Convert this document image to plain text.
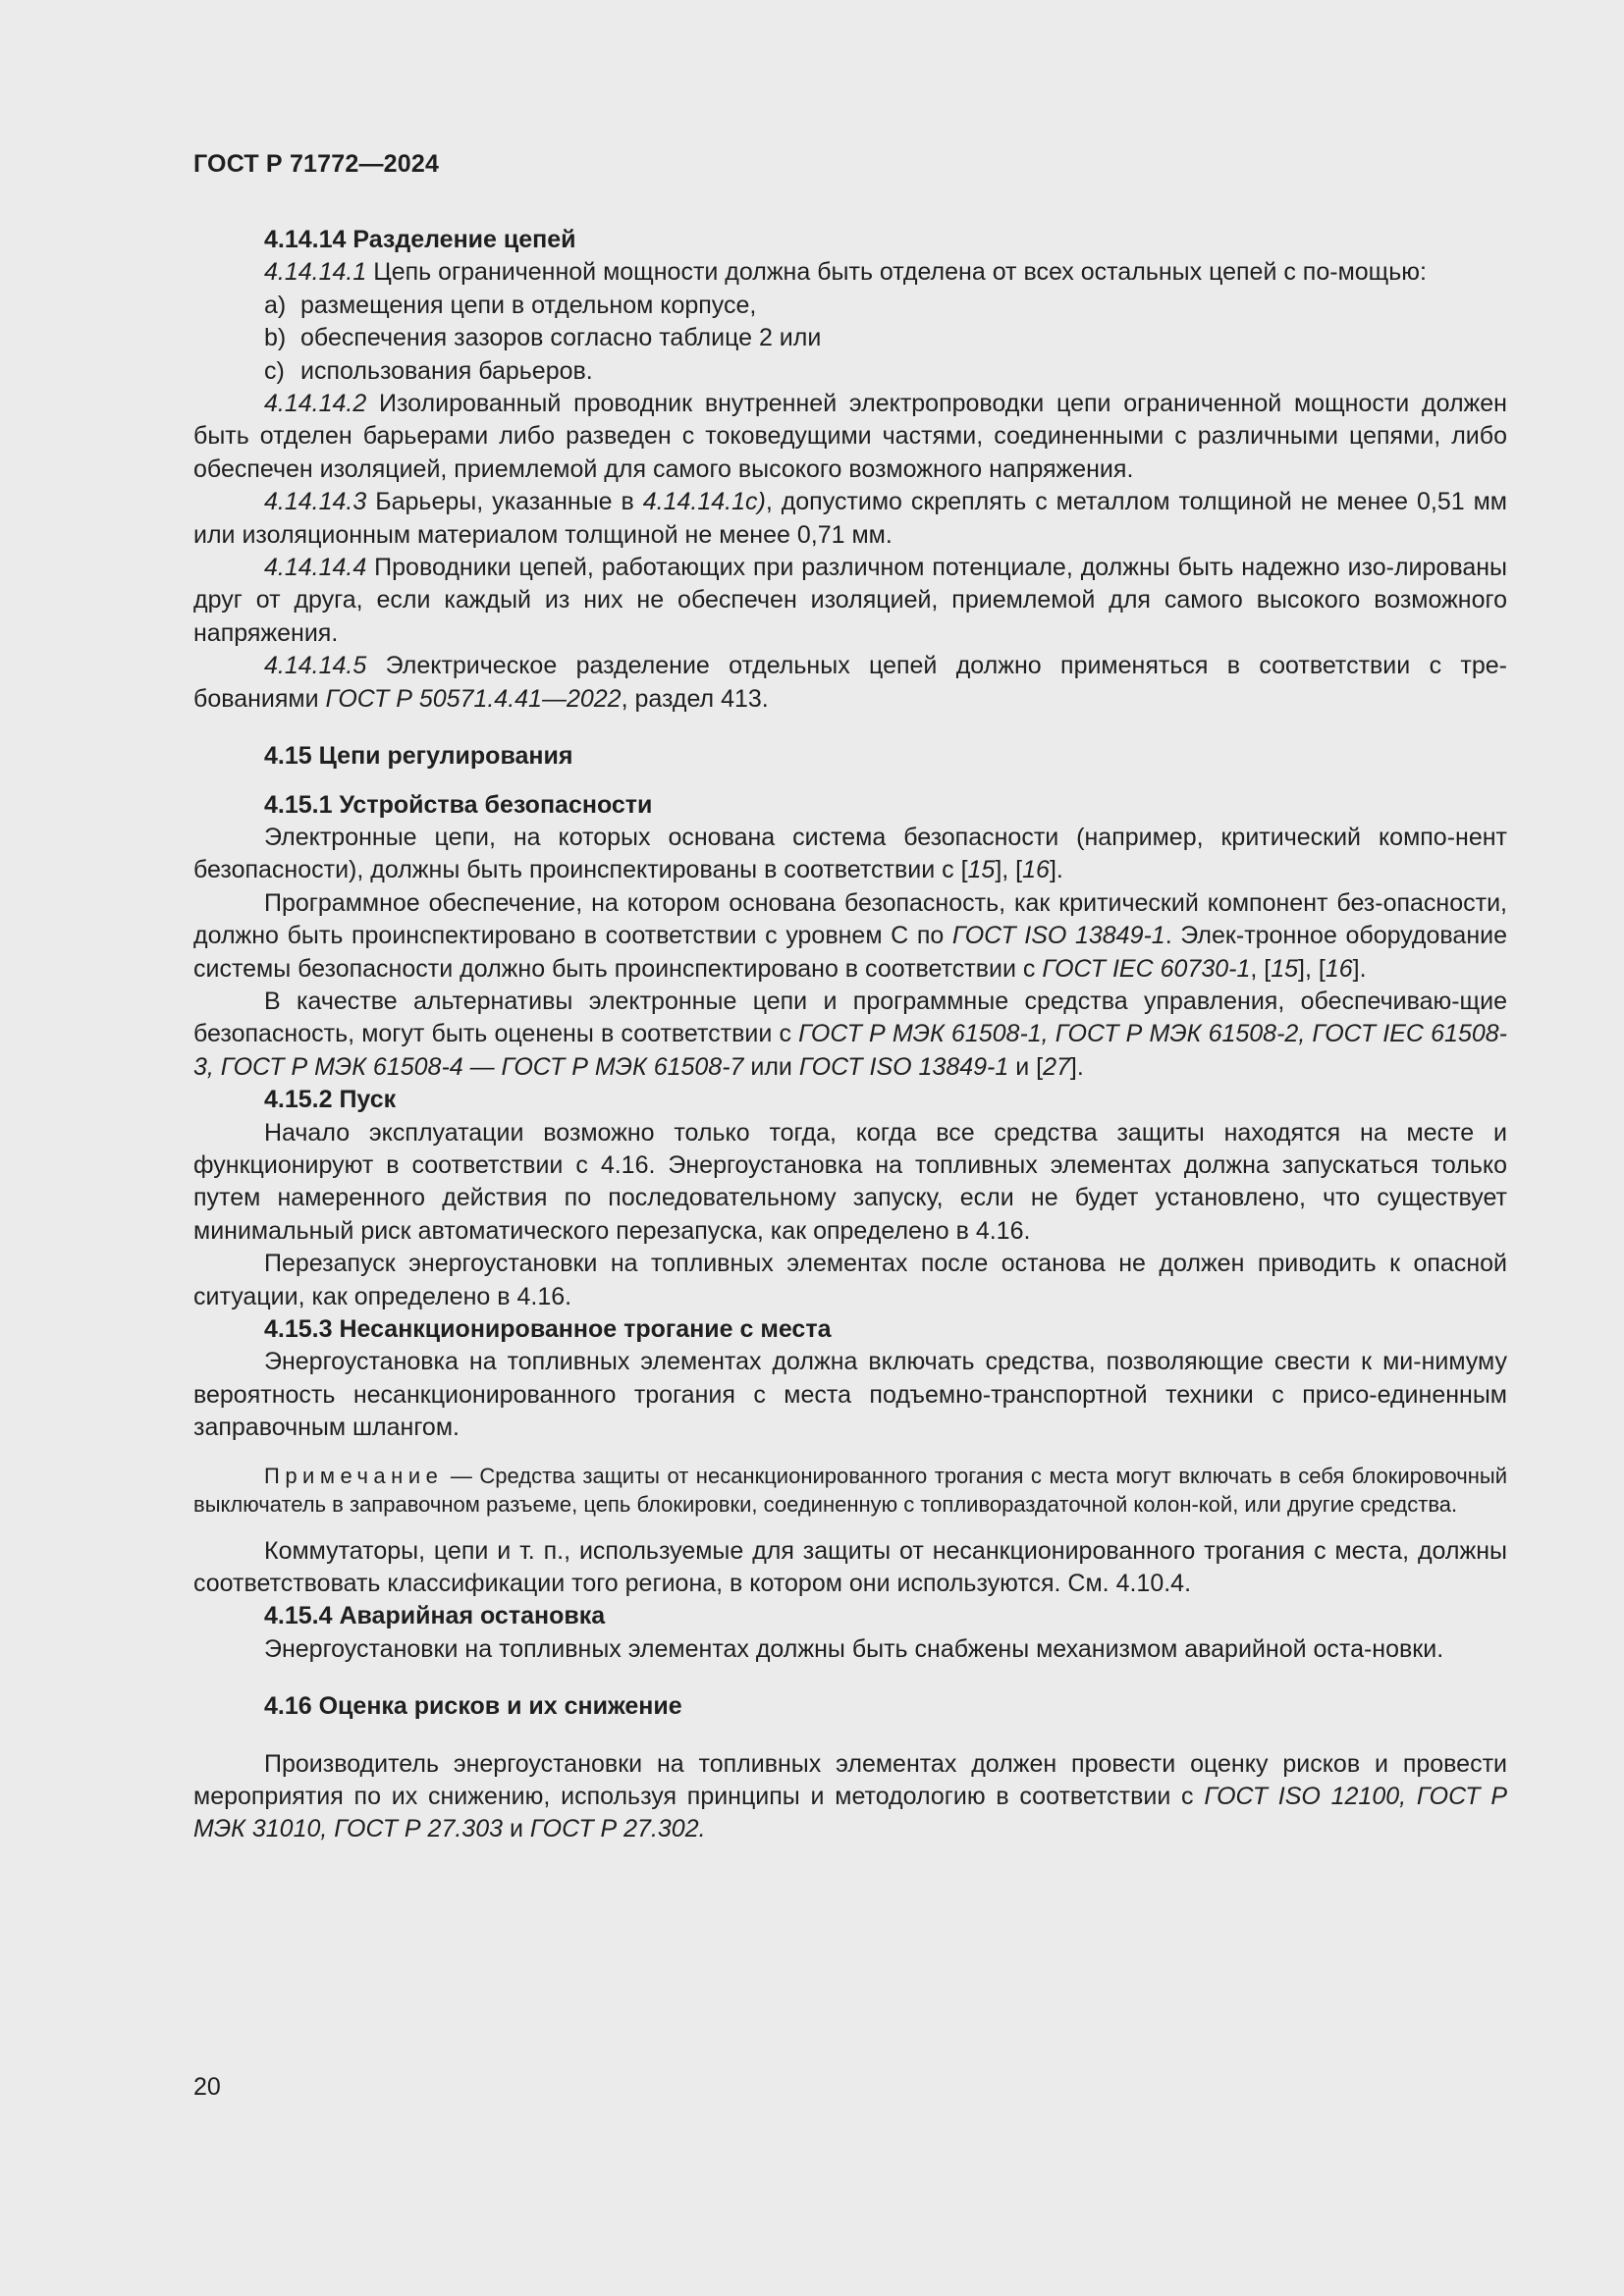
ГОСТ Р 71772—2024

4.14.14 Разделение цепей

4.14.14.1 Цепь ограниченной мощности должна быть отделена от всех остальных цепей с по-мощью:

a) размещения цепи в отдельном корпусе,

b) обеспечения зазоров согласно таблице 2 или

c) использования барьеров.

4.14.14.2 Изолированный проводник внутренней электропроводки цепи ограниченной мощности должен быть отделен барьерами либо разведен с токоведущими частями, соединенными с различными цепями, либо обеспечен изоляцией, приемлемой для самого высокого возможного напряжения.

4.14.14.3 Барьеры, указанные в 4.14.14.1c), допустимо скреплять с металлом толщиной не менее 0,51 мм или изоляционным материалом толщиной не менее 0,71 мм.

4.14.14.4 Проводники цепей, работающих при различном потенциале, должны быть надежно изо-лированы друг от друга, если каждый из них не обеспечен изоляцией, приемлемой для самого высокого возможного напряжения.

4.14.14.5 Электрическое разделение отдельных цепей должно применяться в соответствии с тре-бованиями ГОСТ Р 50571.4.41—2022, раздел 413.

4.15 Цепи регулирования

4.15.1 Устройства безопасности

Электронные цепи, на которых основана система безопасности (например, критический компо-нент безопасности), должны быть проинспектированы в соответствии с [15], [16].

Программное обеспечение, на котором основана безопасность, как критический компонент без-опасности, должно быть проинспектировано в соответствии с уровнем С по ГОСТ ISO 13849-1. Элек-тронное оборудование системы безопасности должно быть проинспектировано в соответствии с ГОСТ IEC 60730-1, [15], [16].

В качестве альтернативы электронные цепи и программные средства управления, обеспечиваю-щие безопасность, могут быть оценены в соответствии с ГОСТ Р МЭК 61508-1, ГОСТ Р МЭК 61508-2, ГОСТ IEC 61508-3, ГОСТ Р МЭК 61508-4 — ГОСТ Р МЭК 61508-7 или ГОСТ ISO 13849-1 и [27].

4.15.2 Пуск

Начало эксплуатации возможно только тогда, когда все средства защиты находятся на месте и функционируют в соответствии с 4.16. Энергоустановка на топливных элементах должна запускаться только путем намеренного действия по последовательному запуску, если не будет установлено, что существует минимальный риск автоматического перезапуска, как определено в 4.16.

Перезапуск энергоустановки на топливных элементах после останова не должен приводить к опасной ситуации, как определено в 4.16.

4.15.3 Несанкционированное трогание с места

Энергоустановка на топливных элементах должна включать средства, позволяющие свести к ми-нимуму вероятность несанкционированного трогания с места подъемно-транспортной техники с присо-единенным заправочным шлангом.

Примечание — Средства защиты от несанкционированного трогания с места могут включать в себя блокировочный выключатель в заправочном разъеме, цепь блокировки, соединенную с топливораздаточной колон-кой, или другие средства.

Коммутаторы, цепи и т. п., используемые для защиты от несанкционированного трогания с места, должны соответствовать классификации того региона, в котором они используются. См. 4.10.4.

4.15.4 Аварийная остановка

Энергоустановки на топливных элементах должны быть снабжены механизмом аварийной оста-новки.

4.16 Оценка рисков и их снижение

Производитель энергоустановки на топливных элементах должен провести оценку рисков и провести мероприятия по их снижению, используя принципы и методологию в соответствии с ГОСТ ISO 12100, ГОСТ Р МЭК 31010, ГОСТ Р 27.303 и ГОСТ Р 27.302.

20
